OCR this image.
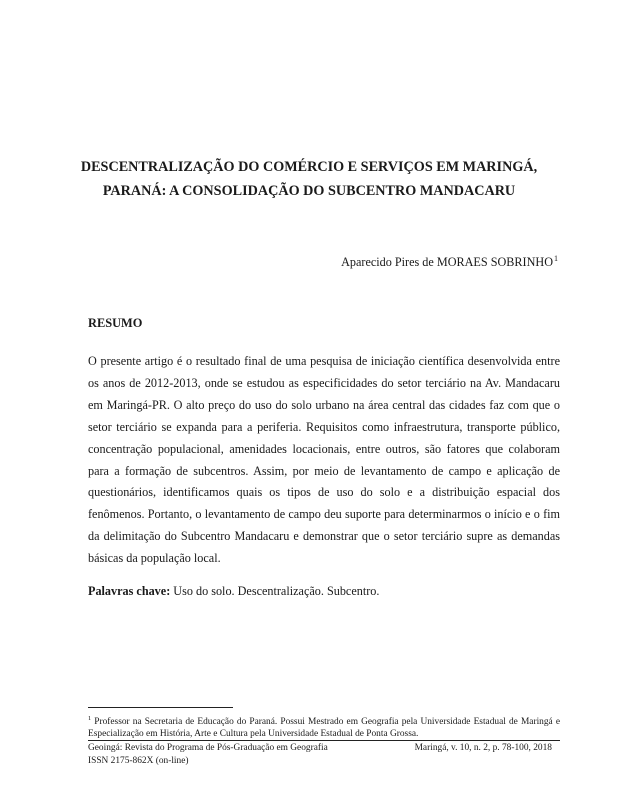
DESCENTRALIZAÇÃO DO COMÉRCIO E SERVIÇOS EM MARINGÁ,
PARANÁ: A CONSOLIDAÇÃO DO SUBCENTRO MANDACARU
Aparecido Pires de MORAES SOBRINHO$^1$
RESUMO

O presente artigo é o resultado final de uma pesquisa de iniciação científica desenvolvida entre os anos de 2012-2013, onde se estudou as especificidades do setor terciário na Av. Mandacaru em Maringá-PR. O alto preço do uso do solo urbano na área central das cidades faz com que o setor terciário se expanda para a periferia. Requisitos como infraestrutura, transporte público, concentração populacional, amenidades locacionais, entre outros, são fatores que colaboram para a formação de subcentros. Assim, por meio de levantamento de campo e aplicação de questionários, identificamos quais os tipos de uso do solo e a distribuição espacial dos fenômenos. Portanto, o levantamento de campo deu suporte para determinarmos o início e o fim da delimitação do Subcentro Mandacaru e demonstrar que o setor terciário supre as demandas básicas da população local.

Palavras chave: Uso do solo. Descentralização. Subcentro.

$^1$ Professor na Secretaria de Educação do Paraná. Possui Mestrado em Geografia pela Universidade Estadual de Maringá e Especialização em História, Arte e Cultura pela Universidade Estadual de Ponta Grossa.

Geoingá: Revista do Programa de Pós-Graduação em Geografia
ISSN 2175-862X (on-line)
Maringá, v. 10, n. 2, p. 78-100, 2018
